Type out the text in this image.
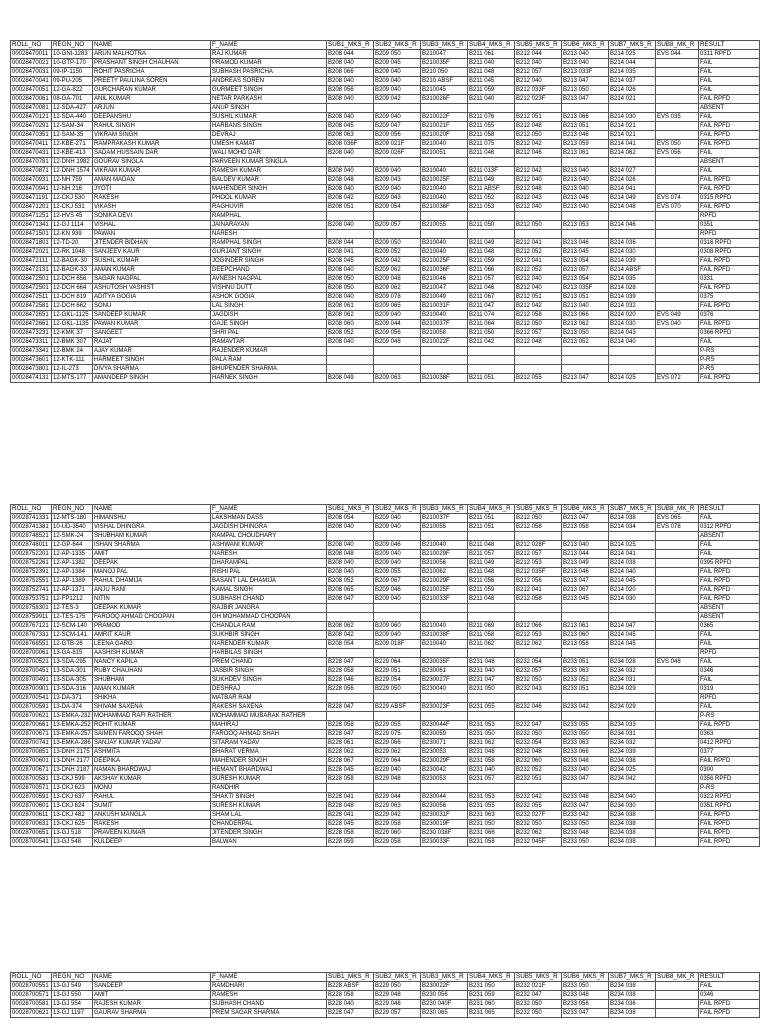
ROLL_NO	REGN_NO	NAME	F_NAME	SUB1_MKS_R	SUB2_MKS_R	SUB3_MKS_R	SUB4_MKS_R	SUB5_MKS_R	SUB6_MKS_R	SUB7_MKS_R	SUB8_MK_R	RESULT
00028470011	10-GNI-1283	ARUN MALHOTRA	RAJ KUMAR	B208 044	B209 050	B210047	B211 061	B212 044	B213 040	B214 025	EVS 044	0311 RPFD
00028470021	10-GTP-170	PRASHANT SINGH CHAUHAN	PRAMOD KUMAR	B208 040	B209 045	B210035F	B211 040	B212 040	B213 040	B214 044		FAIL
00028470031	09-IP-1150	ROHIT PASRICHA	SUBHASH PASRICHA	B208 066	B209 040	B210 050	B211 048	B212 057	B213 033F	B214 035		FAIL
00028470041	09-PU-205	PREETY PAULINA SOREN	ANDREAS SOREN	B208 040	B209 040	B210 ABSF	B211 045	B212 040	B213 047	B214 037		FAIL
00028470051	12-GA-822	GURCHARAN KUMAR	GURMEET SINGH	B208 056	B209 040	B210045	B211 059	B212 033F	B213 050	B214 026		FAIL
00028470061	08-GA-701	ANIL KUMAR	NETAR PARKASH	B208 040	B209 042	B210026F	B211 040	B212 023F	B213 047	B214 021		FAIL RPFD
00028470081	12-SDA-427	ARJUN	ANUP SINGH									ABSENT
00028470121	12-SDA-440	DEEPANSHU	SUSHIL KUMAR	B208 040	B209 040	B210022F	B211 076	B212 051	B213 066	B214 030	EVS 035	FAIL
00028470291	12-SAM-34	RAHUL SINGH	HARBANS SINGH	B208 045	B209 047	B210021F	B211 055	B212 048	B213 051	B214 021		FAIL RPFD
00028470351	12-SAM-35	VIKRAM SINGH	DEVRAJ	B208 063	B209 056	B210020F	B211 058	B212 050	B213 046	B214 021		FAIL RPFD
00028470411	12-KBE-271	RAMPRAKASH KUMAR	UMESH KAMAT	B208 036F	B209 021F	B210040	B211 075	B212 042	B213 059	B214 041	EVS 050	FAIL RPFD
00028470431	12-KBE-413	SADAM HUSSAIN DAR	WALI MOHD DAR	B208 040	B209 026F	B210051	B211 046	B212 046	B213 061	B214 062	EVS 056	FAIL
00028470781	12-DNH 1982	GOURAV SINGLA	PARVEEN KUMAR SINGLA									ABSENT
00028470871	12-DNH 1574	VIKRAM KUMAR	RAMESH KUMAR	B208 040	B209 040	B210040	B211 013F	B212 042	B213 040	B214 027		FAIL
00028470931	12-NH 759	AMAN MADAN	BALDEV KUMAR	B208 048	B209 043	B210025F	B211 049	B212 040	B213 040	B214 026		FAIL RPFD
00028470941	12-NH 216	JYOTI	MAHENDER SINGH	B208 040	B209 040	B210040	B211 ABSF	B212 048	B213 040	B214 041		FAIL RPFD
00028471191	12-CKJ 530	RAKESH	PHOOL KUMAR	B208 042	B209 043	B210040	B211 052	B212 043	B213 046	B214 049	EVS 074	0315 RPFD
00028471201	12-CKJ 531	VIKASH	RAGHUVIR	B208 051	B209 054	B210036F	B211 053	B212 040	B213 040	B214 048	EVS 070	FAIL RPFD
00028471251	12-HVS 45	SONIKA DEVI	RAMPHAL									RPFD
00028471341	12-GJ 1114	VISHAL	JAINARAYAN	B208 040	B209 057	B210055	B211 050	B212 050	B213 053	B214 046		0351
00028471501	12-KN 939	PAWAN	NARESH									RPFD
00028471801	12-TD-20	JITENDER BIDHAN	RAMPHAL SINGH	B208 044	B209 050	B210040	B211 049	B212 041	B213 046	B214 036		0316 RPFD
00028472021	12-RK 1048	SANJEEV KAUR	GURJANT SINGH	B208 041	B209 052	B210040	B211 048	B212 052	B213 045	B214 030		0308 RPFD
00028472111	12-BAGK-30	SUSHIL KUMAR	JOGINDER SINGH	B208 045	B209 042	B210025F	B211 059	B212 041	B213 054	B214 039		FAIL RPFD
00028472131	12-BAGK-33	AMAN KUMAR	DEEPCHAND	B208 040	B209 062	B210036F	B211 066	B212 052	B213 057	B214 ABSF		FAIL RPFD
00028472501	12-DCH 656	SAGAR NAGPAL	AVNESH NAGPAL	B208 050	B209 048	B210046	B211 057	B212 040	B213 054	B214 035		0331
00028472501	12-DCH 664	ASHUTOSH VASHIST	VISHNU DUTT	B208 050	B209 062	B210047	B211 046	B212 040	B213 035F	B214 028		FAIL RPFD
00028472511	12-DCH 819	ADITYA GOGIA	ASHOK GOGIA	B208 040	B209 078	B210049	B211 067	B212 051	B213 051	B214 039		0375
00028472581	12-DCH 662	SONU	LAL SINGH	B208 061	B209 065	B210031F	B211 047	B212 042	B213 040	B214 032		FAIL RPFD
00028472651	12-GKL-1125	SANDEEP KUMAR	JAGDISH	B208 062	B209 040	B210040	B211 074	B212 058	B213 066	B214 020	EVS 049	0376
00028472661	12-GKL-1135	PAWAN KUMAR	GAJE SINGH	B208 060	B209 044	B210037F	B211 064	B212 050	B213 062	B214 030	EVS 040	FAIL RPFD
00028473231	12-KMK 37	SANGEET	SHRI PAL	B208 052	B209 056	B210058	B211 050	B212 057	B213 050	B214 043		0366 RPFD
00028473311	12-BMK 307	RAJAT	RAMAVTAR	B208 040	B209 048	B210022F	B211 042	B212 048	B213 052	B214 040		FAIL
00028473341	12-BMK 24	AJAY KUMAR	RAJENDER KUMAR									P-RS
00028473601	12-KTK-111	HARMEET SINGH	PALA RAM									P-RS
00028473801	12-IL-273	DIVYA SHARMA	BHUPENDER SHARMA									P-RS
00028474131	12-MTS-177	AMANDEEP SINGH	HARNEK SINGH	B208 049	B209 063	B210038F	B211 051	B212 055	B213 047	B214 025	EVS 072	FAIL RPFD
ROLL_NO	REGN_NO	NAME	F_NAME	SUB1_MKS_R	SUB2_MKS_R	SUB3_MKS_R	SUB4_MKS_R	SUB5_MKS_R	SUB6_MKS_R	SUB7_MKS_R	SUB8_MK_R	RESULT
00028741331	12-MTS-180	HIMANSHU	LAKSHMAN DASS	B208 054	B209 040	B210037F	B211 051	B212 050	B213 047	B214 038	EVS 065	FAIL
00028741381	10-UD-3540	VISHAL DHINGRA	JAGDISH DHINGRA	B208 040	B209 040	B210055	B211 051	B212 058	B213 058	B214 034	EVS 078	0312 RPFD
00028748521	12-SMK-24	SHUBHAM KUMAR	RAMPAL CHOUDHARY									ABSENT
00028748011	12-GP-644	ISHAN SHARMA	ASHWANI KUMAR	B208 040	B209 046	B210040	B211 048	B212 028F	B213 040	B214 025		FAIL
00028752201	12-AP-1335	AMIT	NARESH	B208 048	B209 040	B210029F	B211 057	B212 057	B213 044	B214 041		FAIL
00028752261	12-AP-1382	DEEPAK	DHARAMPAL	B208 040	B209 040	B210056	B211 049	B212 053	B213 049	B214 038		0395 RPFD
00028752391	12-AP-1384	MANOJ PAL	RISHI PAL	B208 040	B209 055	B210062	B211 048	B212 035F	B213 046	B214 040		FAIL RPFD
00028752551	12-AP-1389	RAHUL DHAMIJA	BASANT LAL DHAMIJA	B208 052	B209 067	B210029F	B211 056	B212 056	B213 047	B214 045		FAIL RPFD
00028752741	12-AP-1371	ANJU RANI	KAMAL SINGH	B208 065	B209 046	B210025F	B211 059	B212 041	B213 067	B214 020		FAIL RPFD
00028753751	12-FP1212	NITIN	SUBHASH CHAND	B208 047	B209 040	B210033F	B211 048	B212 058	B213 045	B214 030		FAIL RPFD
00028758301	12-TES-3	DEEPAK KUMAR	RAJBIR JANGRA									ABSENT
00028759911	12-TES-175	FAROOQ AHMAD CHOOPAN	GH MOHAMMAD CHOOPAN									ABSENT
00028767121	12-SCM-140	PRAMOD	CHANDLA RAM	B208 062	B209 060	B210040	B211 069	B212 066	B213 061	B214 047		0365
00028767331	12-SCM-141	AMRIT KAUR	SUKHBIR SINGH	B208 042	B209 040	B210038F	B211 058	B212 053	B213 060	B214 045		FAIL
00028768551	12-GTB-26	LEENA GARG	NARENDER KUMAR	B208 054	B209 018F	B210040	B211 062	B212 062	B213 058	B214 045		FAIL
00028700061	13-GA-815	AASHISH KUMAR	HARBILAS SINGH									RPFD
00028700521	13-SDA-295	NANCY KAPILA	PREM CHAND	B228 047	B229 064	B230035F	B231 048	B232 054	B233 051	B234 028	EVS 048	FAIL
00028700451	13-SDA-301	RUBY CHAUHAN	JASBIR SINGH	B228 058	B229 051	B230061	B231 040	B232 057	B233 063	B234 032		0346
00028700491	13-SDA-305	SHUBHAM	SUKHDEV SINGH	B228 046	B229 054	B230027F	B231 047	B232 050	B233 052	B234 031		FAIL
00028700901	13-SDA-316	AMAN KUMAR	DESHRAJ	B228 056	B229 050	B230040	B231 050	B232 043	B233 051	B234 029		0319
00028700541	13-DA-371	SHIKHA	MATBAR RAM									RPFD
00028700591	13-DA-374	SHIVAM SAXENA	RAKESH SAXENA	B228 047	B229 ABSF	B230023F	B231 055	B232 046	B233 042	B234 029		FAIL
00028700621	13-EMKA-232	MOHAMMAD RAFI RATHER	MOHAMMAD MUBARAK RATHER									P-RS
00028700661	13-EMKA-252	ROHIT KUMAR	MAHIRAJ	B228 058	B229 055	B230044F	B231 053	B232 047	B233 055	B234 033		FAIL RPFD
00028700671	13-EMKA-257	SAIMEN FAROOQ SHAH	FAROOQ AHMAD SHAH	B228 047	B229 075	B230059	B231 050	B232 050	B233 050	B234 031		0363
00028700741	13-EMKA-286	SANJAY KUMAR YADAV	SITARAM YADAV	B228 061	B229 066	B230071	B231 062	B232 054	B233 063	B234 032		0412 RPFD
00028700851	13-DNH 2175	ASHMITA	BHARAT VERMA	B228 062	B229 062	B230053	B231 048	B232 048	B233 066	B234 039		0377
00028700601	13-DNH 2177	DEEPIKA	MAHENDER SINGH	B228 067	B229 064	B230029F	B231 058	B232 060	B233 048	B234 038		FAIL RPFD
00028700671	13-DNH 2187	NAMAN BHARDWAJ	HEMANT BHARDWAJ	B228 045	B229 040	B230042	B231 040	B232 052	B233 040	B234 025		0300
00028700581	13-CKJ 599	AKSHAY KUMAR	SURESH KUMAR	B228 058	B229 048	B230053	B231 057	B232 051	B233 047	B234 042		0356 RPFD
00028700571	13-CKJ 623	MONU	RANDHIR									P-RS
00028700591	13-CKJ 637	RAHUL	SHAKTI SINGH	B228 041	B229 044	B230044	B231 053	B232 042	B233 048	B234 040		0322 RPFD
00028700601	13-CKJ 624	SUMIT	SURESH KUMAR	B228 048	B229 063	B230056	B231 055	B232 055	B233 047	B234 030		0351 RPFD
00028700611	13-CKJ 482	ANKUSH MANGLA	SHAM LAL	B228 041	B229 042	B230031F	B231 063	B232 027F	B233 042	B234 038		FAIL RPFD
00028700631	13-CKJ 625	RAKESH	CHANDERPAL	B228 045	B229 058	B230019F	B231 050	B232 050	B233 050	B234 038		FAIL RPFD
00028700651	13-GJ 518	PRAVEEN KUMAR	JITENDER SINGH	B228 058	B229 060	B230 038F	B231 066	B232 062	B233 048	B234 038		FAIL RPFD
00028700541	13-GJ 548	KULDEEP	BALWAN	B228 059	B229 058	B230033F	B231 058	B232 045F	B233 050	B234 038		FAIL RPFD
ROLL_NO	REGN_NO	NAME	F_NAME	SUB1_MKS_R	SUB2_MKS_R	SUB3_MKS_R	SUB4_MKS_R	SUB5_MKS_R	SUB6_MKS_R	SUB7_MKS_R	SUB8_MK_R	RESULT
00028700551	13-GJ 549	SANDEEP	RAMDHARI	B228 ABSF	B229 050	B230022F	B231 050	B232 021F	B233 050	B234 038		FAIL
00028700571	13-GJ 550	AMIT	RAMESH	B228 058	B229 048	B230 056	B231 059	B232 047	B233 048	B234 038		0346
00028700581	13-GJ 554	RAJESH KUMAR	SUBHASH CHAND	B228 040	B229 048	B230 040F	B231 060	B232 050	B233 056	B234 036		FAIL RPFD
00028700621	13-GJ 1197	GAURAV SHARMA	PREM SAGAR SHARMA	B228 047	B229 057	B230 065	B231 065	B232 050	B233 047	B234 038		FAIL RPFD
